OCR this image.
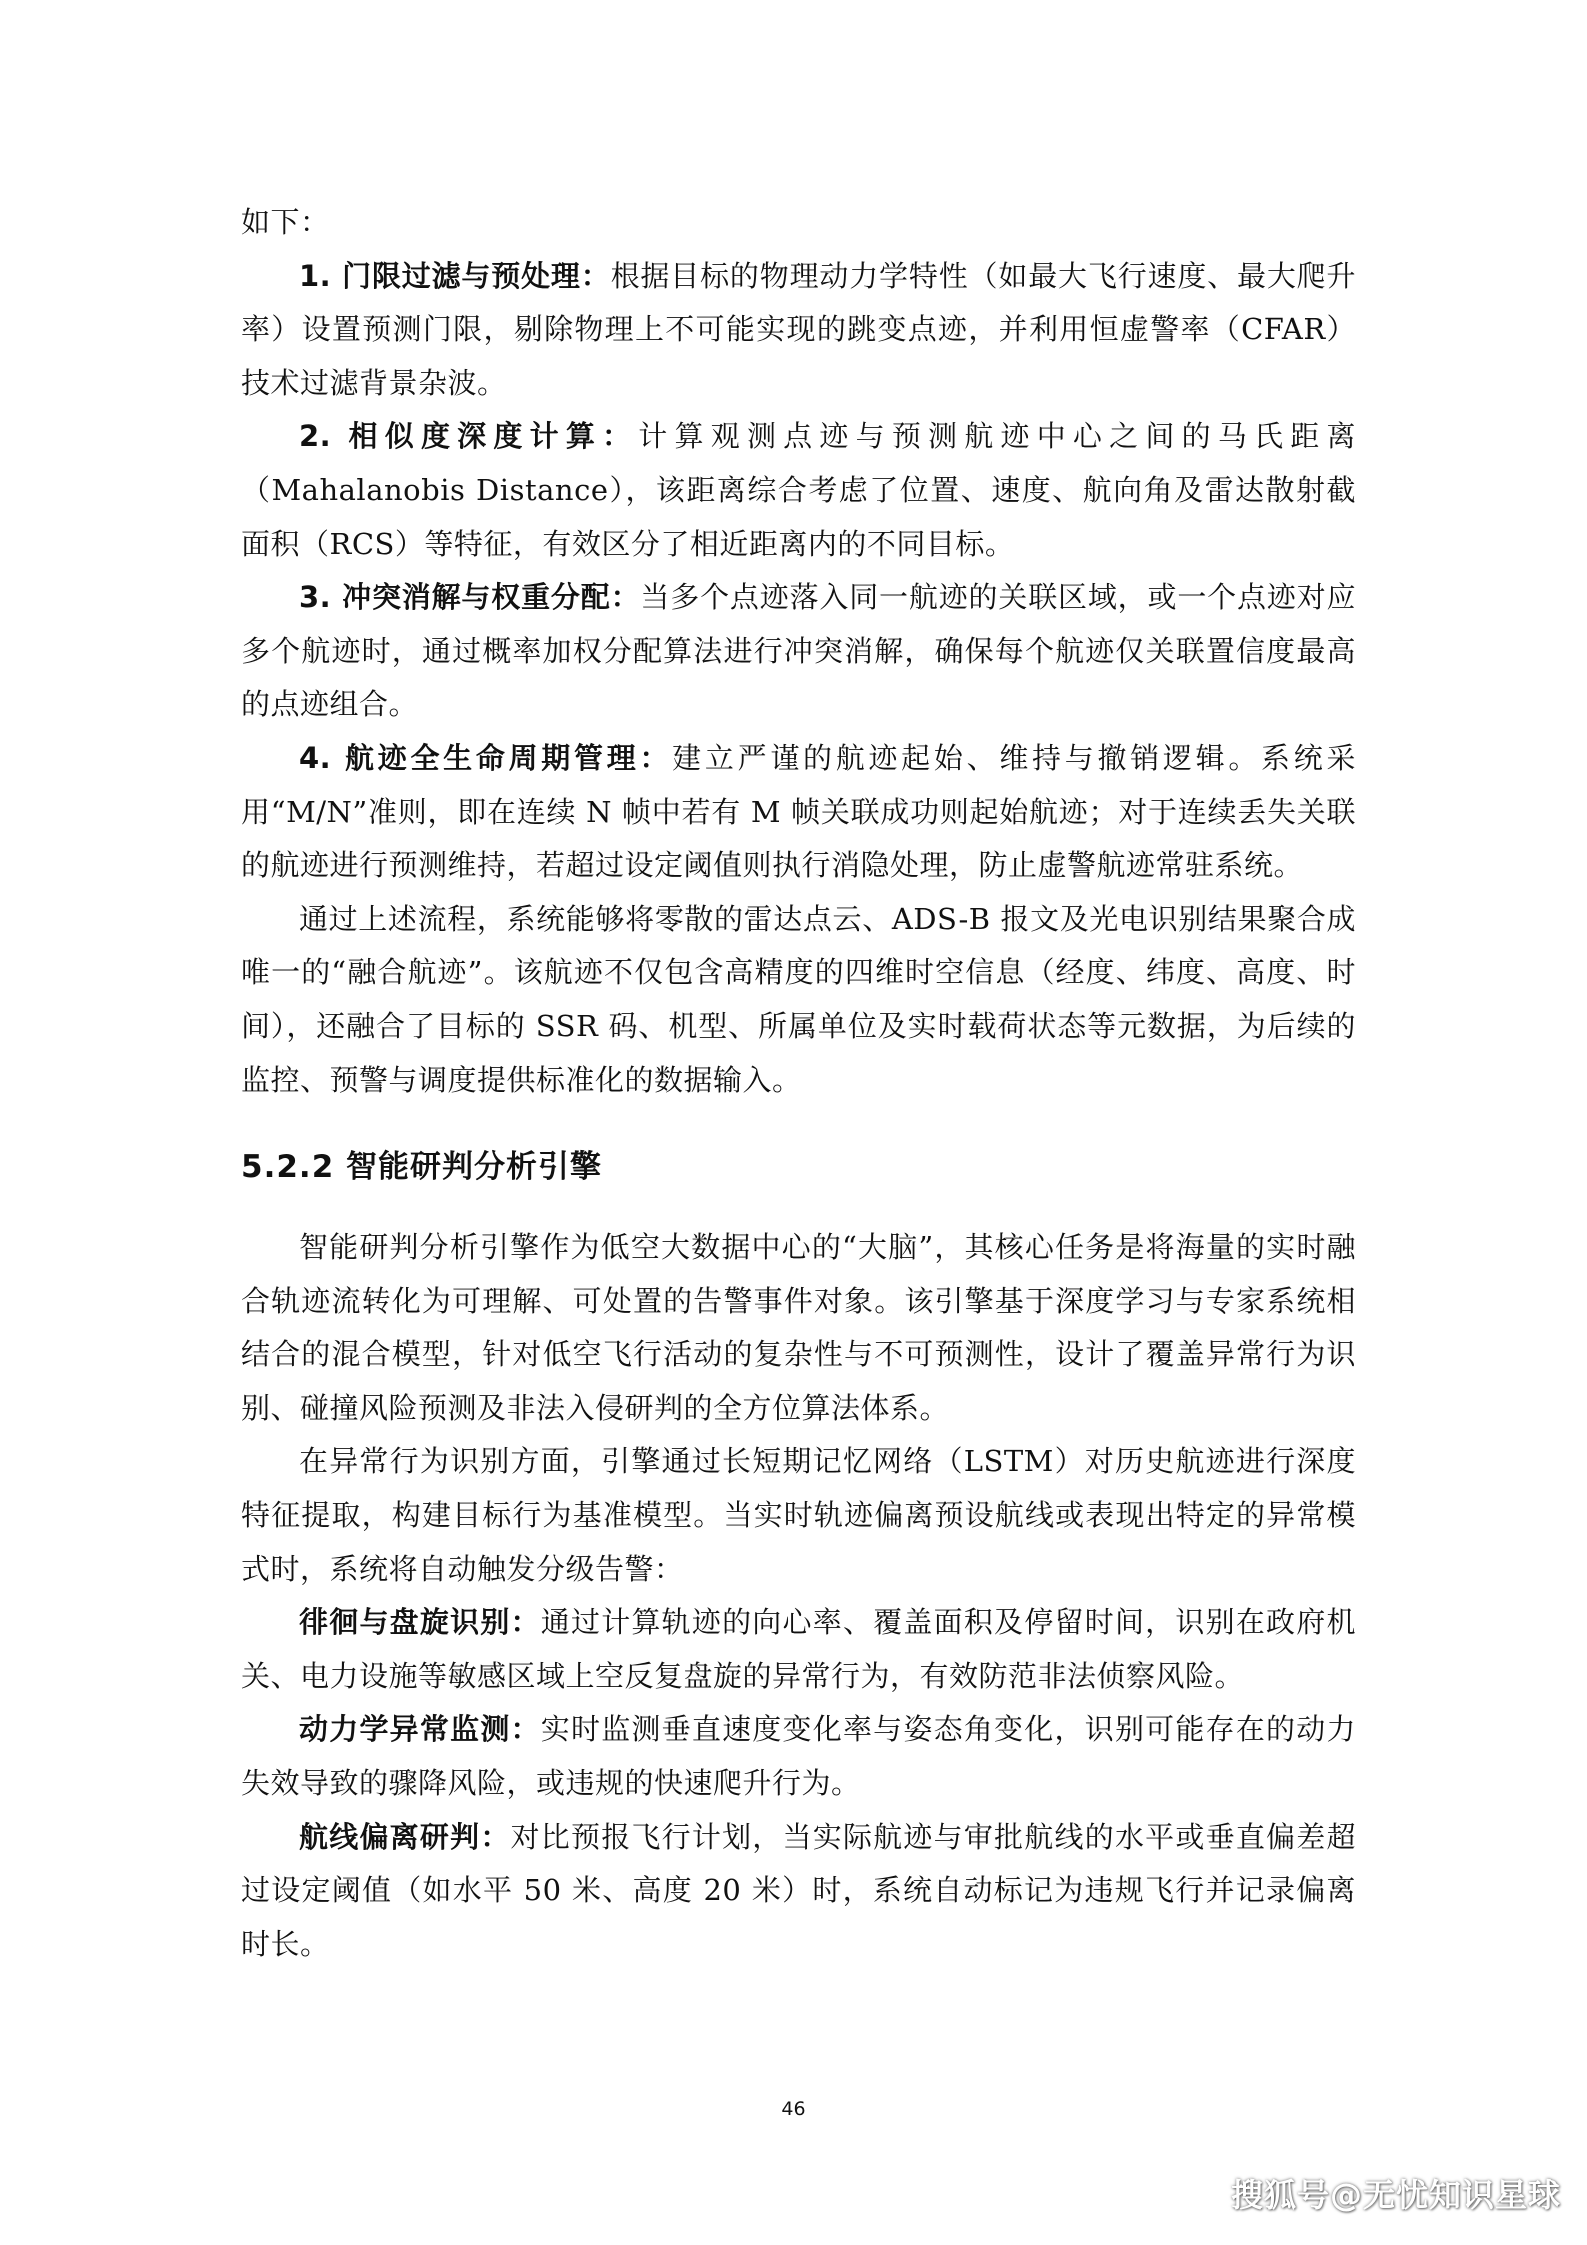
如下：

1. 门限过滤与预处理：根据目标的物理动力学特性（如最大飞行速度、最大爬升率）设置预测门限，剔除物理上不可能实现的跳变点迹，并利用恒虚警率（CFAR）技术过滤背景杂波。

2. 相似度深度计算：计算观测点迹与预测航迹中心之间的马氏距离（Mahalanobis Distance），该距离综合考虑了位置、速度、航向角及雷达散射截面积（RCS）等特征，有效区分了相近距离内的不同目标。

3. 冲突消解与权重分配：当多个点迹落入同一航迹的关联区域，或一个点迹对应多个航迹时，通过概率加权分配算法进行冲突消解，确保每个航迹仅关联置信度最高的点迹组合。

4. 航迹全生命周期管理：建立严谨的航迹起始、维持与撤销逻辑。系统采用“M/N”准则，即在连续 N 帧中若有 M 帧关联成功则起始航迹；对于连续丢失关联的航迹进行预测维持，若超过设定阈值则执行消隐处理，防止虚警航迹常驻系统。

通过上述流程，系统能够将零散的雷达点云、ADS-B 报文及光电识别结果聚合成唯一的“融合航迹”。该航迹不仅包含高精度的四维时空信息（经度、纬度、高度、时间），还融合了目标的 SSR 码、机型、所属单位及实时载荷状态等元数据，为后续的监控、预警与调度提供标准化的数据输入。

5.2.2 智能研判分析引擎

智能研判分析引擎作为低空大数据中心的“大脑”，其核心任务是将海量的实时融合轨迹流转化为可理解、可处置的告警事件对象。该引擎基于深度学习与专家系统相结合的混合模型，针对低空飞行活动的复杂性与不可预测性，设计了覆盖异常行为识别、碰撞风险预测及非法入侵研判的全方位算法体系。

在异常行为识别方面，引擎通过长短期记忆网络（LSTM）对历史航迹进行深度特征提取，构建目标行为基准模型。当实时轨迹偏离预设航线或表现出特定的异常模式时，系统将自动触发分级告警：

徘徊与盘旋识别：通过计算轨迹的向心率、覆盖面积及停留时间，识别在政府机关、电力设施等敏感区域上空反复盘旋的异常行为，有效防范非法侦察风险。

动力学异常监测：实时监测垂直速度变化率与姿态角变化，识别可能存在的动力失效导致的骤降风险，或违规的快速爬升行为。

航线偏离研判：对比预报飞行计划，当实际航迹与审批航线的水平或垂直偏差超过设定阈值（如水平 50 米、高度 20 米）时，系统自动标记为违规飞行并记录偏离时长。

46
搜狐号@无忧知识星球
